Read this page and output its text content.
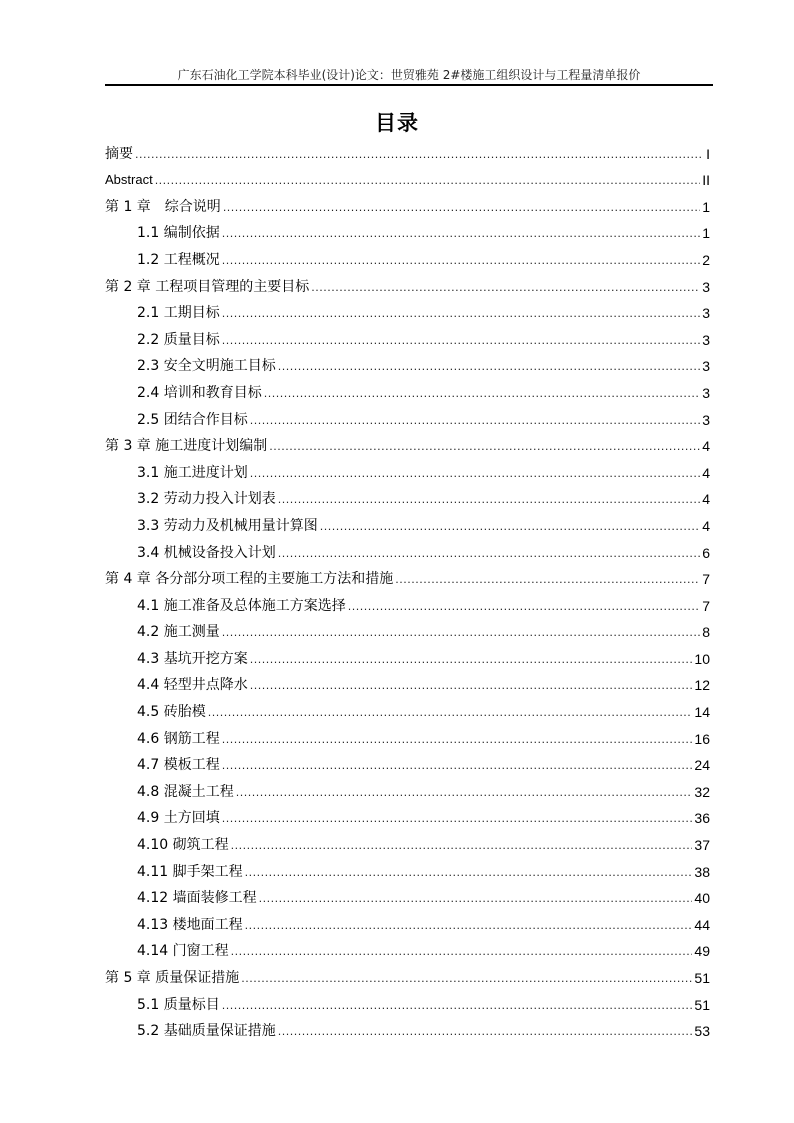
广东石油化工学院本科毕业(设计)论文：世贸雅苑 2#楼施工组织设计与工程量清单报价
目录
摘要 .....	I
Abstract .....	II
第 1 章　综合说明 .....	1
1.1 编制依据 .....	1
1.2 工程概况 .....	2
第 2 章 工程项目管理的主要目标 .....	3
2.1 工期目标 .....	3
2.2 质量目标 .....	3
2.3 安全文明施工目标 .....	3
2.4 培训和教育目标 .....	3
2.5 团结合作目标 .....	3
第 3 章 施工进度计划编制 .....	4
3.1 施工进度计划 .....	4
3.2 劳动力投入计划表 .....	4
3.3 劳动力及机械用量计算图 .....	4
3.4 机械设备投入计划 .....	6
第 4 章 各分部分项工程的主要施工方法和措施 .....	7
4.1 施工准备及总体施工方案选择 .....	7
4.2 施工测量 .....	8
4.3 基坑开挖方案 .....	10
4.4 轻型井点降水 .....	12
4.5 砖胎模 .....	14
4.6 钢筋工程 .....	16
4.7 模板工程 .....	24
4.8 混凝土工程 .....	32
4.9 土方回填 .....	36
4.10 砌筑工程 .....	37
4.11 脚手架工程 .....	38
4.12 墙面装修工程 .....	40
4.13 楼地面工程 .....	44
4.14 门窗工程 .....	49
第 5 章 质量保证措施 .....	51
5.1 质量标目 .....	51
5.2 基础质量保证措施 .....	53
